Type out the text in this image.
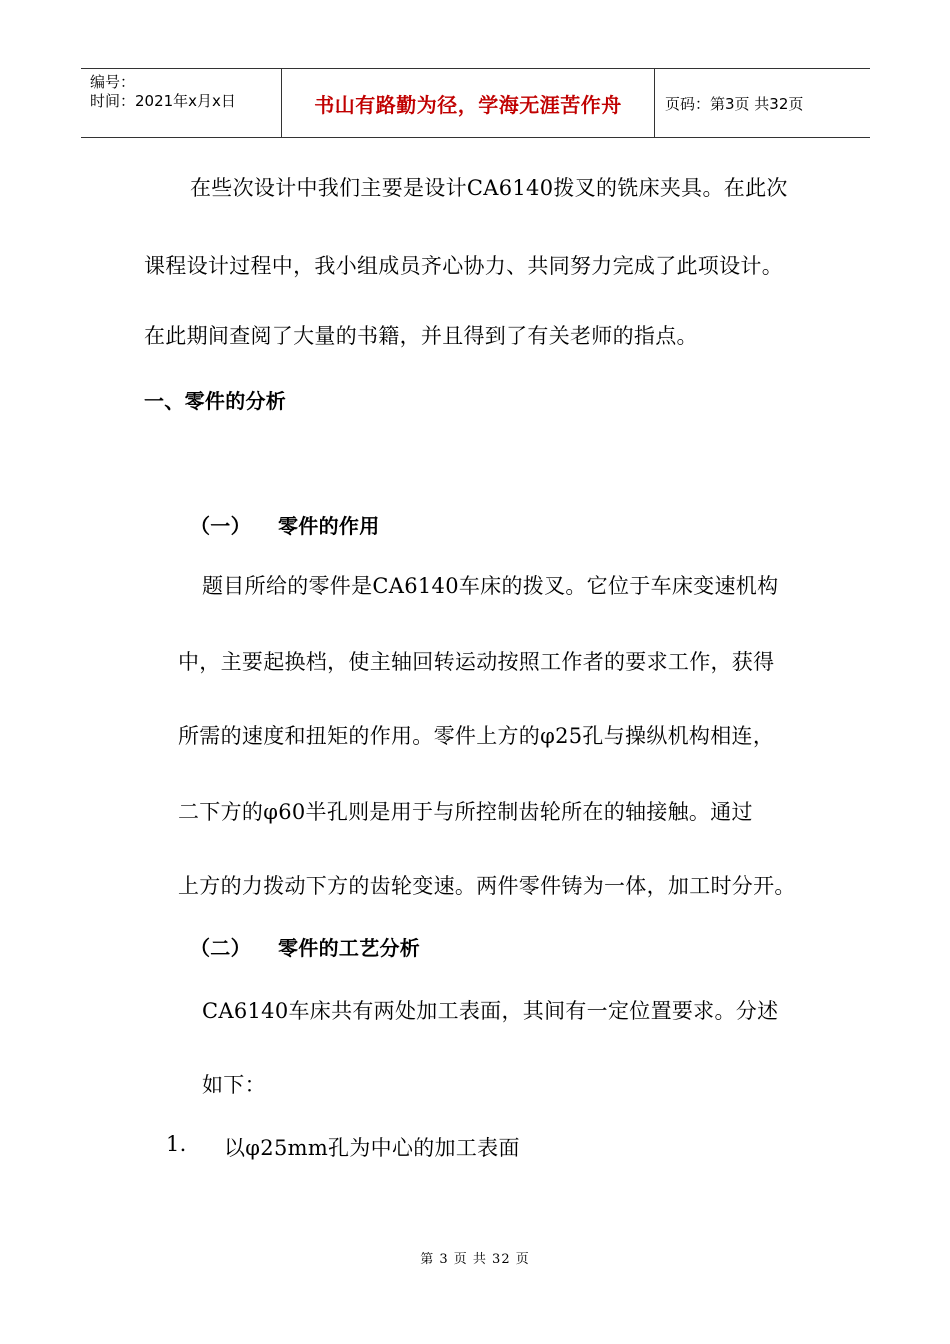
编号：
时间：2021年x月x日	书山有路勤为径，学海无涯苦作舟	页码：第3页 共32页
在些次设计中我们主要是设计CA6140拨叉的铣床夹具。在此次
课程设计过程中，我小组成员齐心协力、共同努力完成了此项设计。
在此期间查阅了大量的书籍，并且得到了有关老师的指点。
一、零件的分析
（一） 零件的作用
题目所给的零件是CA6140车床的拨叉。它位于车床变速机构
中，主要起换档，使主轴回转运动按照工作者的要求工作，获得
所需的速度和扭矩的作用。零件上方的φ25孔与操纵机构相连，
二下方的φ60半孔则是用于与所控制齿轮所在的轴接触。通过
上方的力拨动下方的齿轮变速。两件零件铸为一体，加工时分开。
（二） 零件的工艺分析
CA6140车床共有两处加工表面，其间有一定位置要求。分述
如下：
1. 以φ25mm孔为中心的加工表面
第 3 页 共 32 页
